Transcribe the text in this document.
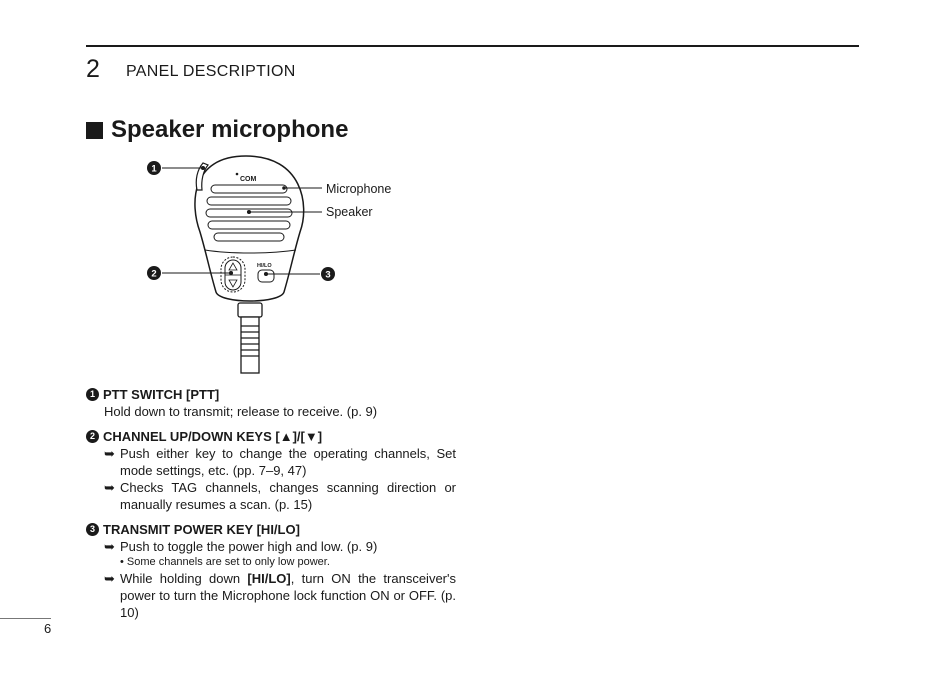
2 PANEL DESCRIPTION
Speaker microphone
COM
HI/LO
1
2	3
Microphone
Speaker
1 PTT SWITCH [PTT]
Hold down to transmit; release to receive. (p. 9)
2 CHANNEL UP/DOWN KEYS [▲]/[▼]
➥ Push either key to change the operating channels, Set mode settings, etc. (pp. 7–9, 47)
➥ Checks TAG channels, changes scanning direction or manually resumes a scan. (p. 15)
3 TRANSMIT POWER KEY [HI/LO]
➥ Push to toggle the power high and low. (p. 9)
• Some channels are set to only low power.
➥ While holding down [HI/LO], turn ON the transceiver's power to turn the Microphone lock function ON or OFF. (p. 10)
6
